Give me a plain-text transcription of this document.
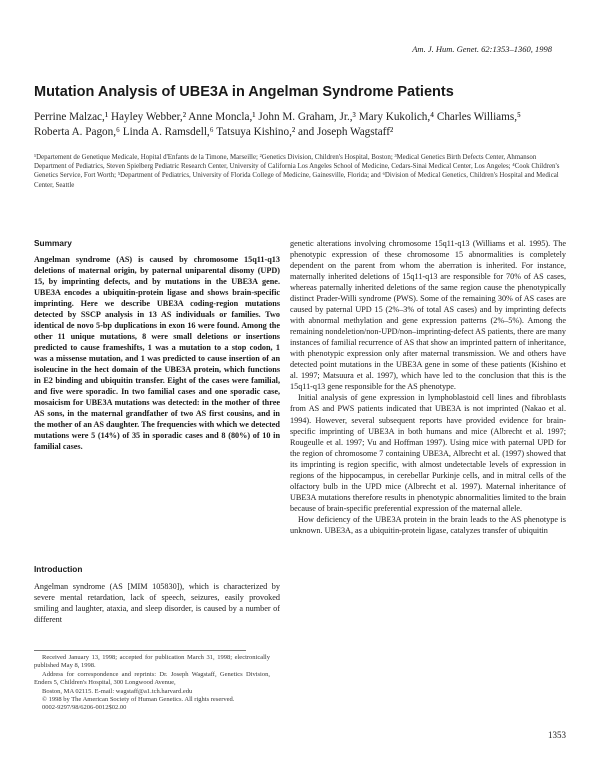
Am. J. Hum. Genet. 62:1353–1360, 1998
Mutation Analysis of UBE3A in Angelman Syndrome Patients
Perrine Malzac,¹ Hayley Webber,² Anne Moncla,¹ John M. Graham, Jr.,³ Mary Kukolich,⁴ Charles Williams,⁵ Roberta A. Pagon,⁶ Linda A. Ramsdell,⁶ Tatsuya Kishino,² and Joseph Wagstaff²
¹Departement de Genetique Medicale, Hopital d'Enfants de la Timone, Marseille; ²Genetics Division, Children's Hospital, Boston; ³Medical Genetics Birth Defects Center, Ahmanson Department of Pediatrics, Steven Spielberg Pediatric Research Center, University of California Los Angeles School of Medicine, Cedars-Sinai Medical Center, Los Angeles; ⁴Cook Children's Genetics Service, Fort Worth; ⁵Department of Pediatrics, University of Florida College of Medicine, Gainesville, Florida; and ⁶Division of Medical Genetics, Children's Hospital and Medical Center, Seattle
Summary

Angelman syndrome (AS) is caused by chromosome 15q11-q13 deletions of maternal origin, by paternal uniparental disomy (UPD) 15, by imprinting defects, and by mutations in the UBE3A gene. UBE3A encodes a ubiquitin-protein ligase and shows brain-specific imprinting. Here we describe UBE3A coding-region mutations detected by SSCP analysis in 13 AS individuals or families. Two identical de novo 5-bp duplications in exon 16 were found. Among the other 11 unique mutations, 8 were small deletions or insertions predicted to cause frameshifts, 1 was a mutation to a stop codon, 1 was a missense mutation, and 1 was predicted to cause insertion of an isoleucine in the hect domain of the UBE3A protein, which functions in E2 binding and ubiquitin transfer. Eight of the cases were familial, and five were sporadic. In two familial cases and one sporadic case, mosaicism for UBE3A mutations was detected: in the mother of three AS sons, in the maternal grandfather of two AS first cousins, and in the mother of an AS daughter. The frequencies with which we detected mutations were 5 (14%) of 35 in sporadic cases and 8 (80%) of 10 in familial cases.

Introduction

Angelman syndrome (AS [MIM 105830]), which is characterized by severe mental retardation, lack of speech, seizures, easily provoked smiling and laughter, ataxia, and sleep disorder, is caused by a number of different

Received January 13, 1998; accepted for publication March 31, 1998; electronically published May 8, 1998.

Address for correspondence and reprints: Dr. Joseph Wagstaff, Genetics Division, Enders 5, Children's Hospital, 300 Longwood Avenue,

Boston, MA 02115. E-mail: wagstaff@a1.tch.harvard.edu

© 1998 by The American Society of Human Genetics. All rights reserved.

0002-9297/98/6206-0012$02.00

genetic alterations involving chromosome 15q11-q13 (Williams et al. 1995). The phenotypic expression of these chromosome 15 abnormalities is completely dependent on the parent from whom the aberration is inherited. For instance, maternally inherited deletions of 15q11-q13 are responsible for 70% of AS cases, whereas paternally inherited deletions of the same region cause the phenotypically distinct Prader-Willi syndrome (PWS). Some of the remaining 30% of AS cases are caused by paternal UPD 15 (2%–3% of total AS cases) and by imprinting defects with abnormal methylation and gene expression patterns (2%–5%). Among the remaining nondeletion/non-UPD/non–imprinting-defect AS patients, there are many instances of familial recurrence of AS that show an imprinted pattern of inheritance, with phenotypic expression only after maternal transmission. We and others have detected point mutations in the UBE3A gene in some of these patients (Kishino et al. 1997; Matsuura et al. 1997), which have led to the conclusion that this is the 15q11-q13 gene responsible for the AS phenotype.

Initial analysis of gene expression in lymphoblastoid cell lines and fibroblasts from AS and PWS patients indicated that UBE3A is not imprinted (Nakao et al. 1994). However, several subsequent reports have provided evidence for brain-specific imprinting of UBE3A in both humans and mice (Albrecht et al. 1997; Rougeulle et al. 1997; Vu and Hoffman 1997). Using mice with paternal UPD for the region of chromosome 7 containing UBE3A, Albrecht et al. (1997) showed that its imprinting is region specific, with almost undetectable levels of expression in regions of the hippocampus, in cerebellar Purkinje cells, and in mitral cells of the olfactory bulb in the UPD mice (Albrecht et al. 1997). Maternal inheritance of UBE3A mutations therefore results in phenotypic abnormalities limited to the brain because of brain-specific preferential expression of the maternal allele.

How deficiency of the UBE3A protein in the brain leads to the AS phenotype is unknown. UBE3A, as a ubiquitin-protein ligase, catalyzes transfer of ubiquitin

1353
